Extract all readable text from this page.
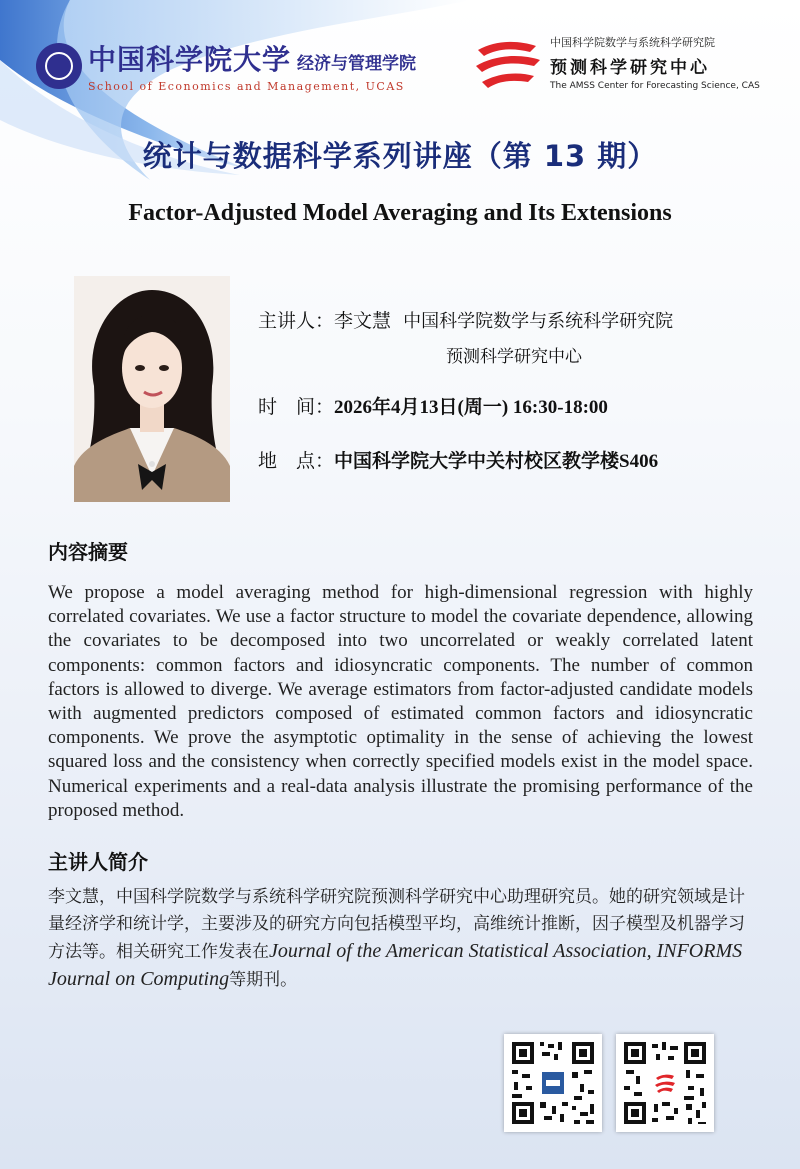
中国科学院大学 经济与管理学院
School of Economics and Management, UCAS
中国科学院数学与系统科学研究院
预测科学研究中心
The AMSS Center for Forecasting Science, CAS
统计与数据科学系列讲座（第 13 期）
Factor-Adjusted Model Averaging and Its Extensions
主讲人：李文慧 中国科学院数学与系统科学研究院
预测科学研究中心
时　间：2026年4月13日(周一) 16:30-18:00
地　点：中国科学院大学中关村校区教学楼S406
内容摘要

We propose a model averaging method for high-dimensional regression with highly correlated covariates. We use a factor structure to model the covariate dependence, allowing the covariates to be decomposed into two uncorrelated or weakly correlated latent components: common factors and idiosyncratic components. The number of common factors is allowed to diverge. We average estimators from factor-adjusted candidate models with augmented predictors composed of estimated common factors and idiosyncratic components. We prove the asymptotic optimality in the sense of achieving the lowest squared loss and the consistency when correctly specified models exist in the model space. Numerical experiments and a real-data analysis illustrate the promising performance of the proposed method.

主讲人简介

李文慧，中国科学院数学与系统科学研究院预测科学研究中心助理研究员。她的研究领域是计量经济学和统计学，主要涉及的研究方向包括模型平均，高维统计推断，因子模型及机器学习方法等。相关研究工作发表在Journal of the American Statistical Association, INFORMS Journal on Computing等期刊。
